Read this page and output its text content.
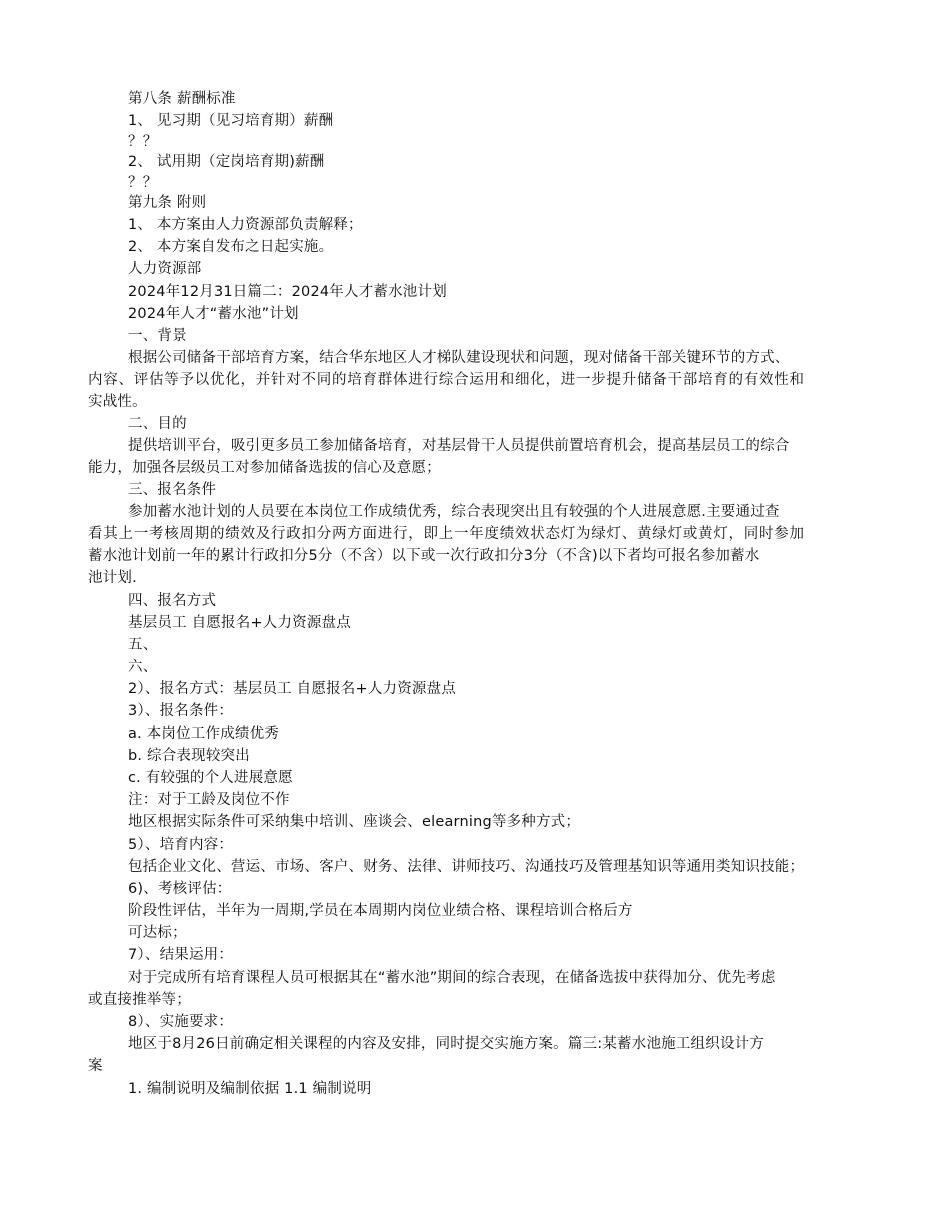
第八条 薪酬标准
1、 见习期（见习培育期）薪酬
？？
2、 试用期（定岗培育期)薪酬
？？
第九条 附则
1、 本方案由人力资源部负责解释；
2、 本方案自发布之日起实施。
人力资源部
2024年12月31日篇二：2024年人才蓄水池计划
2024年人才“蓄水池”计划
一、背景
根据公司储备干部培育方案，结合华东地区人才梯队建设现状和问题，现对储备干部关键环节的方式、
内容、评估等予以优化，并针对不同的培育群体进行综合运用和细化，进一步提升储备干部培育的有效性和
实战性。
二、目的
提供培训平台，吸引更多员工参加储备培育，对基层骨干人员提供前置培育机会，提高基层员工的综合
能力，加强各层级员工对参加储备选拔的信心及意愿；
三、报名条件
参加蓄水池计划的人员要在本岗位工作成绩优秀，综合表现突出且有较强的个人进展意愿.主要通过查
看其上一考核周期的绩效及行政扣分两方面进行，即上一年度绩效状态灯为绿灯、黄绿灯或黄灯，同时参加
蓄水池计划前一年的累计行政扣分5分（不含）以下或一次行政扣分3分（不含)以下者均可报名参加蓄水
池计划.
四、报名方式
基层员工 自愿报名+人力资源盘点
五、
六、
2）、报名方式：基层员工 自愿报名+人力资源盘点
3）、报名条件：
a. 本岗位工作成绩优秀
b. 综合表现较突出
c. 有较强的个人进展意愿
注：对于工龄及岗位不作
地区根据实际条件可采纳集中培训、座谈会、elearning等多种方式；
5）、培育内容：
包括企业文化、营运、市场、客户、财务、法律、讲师技巧、沟通技巧及管理基知识等通用类知识技能；
6)、考核评估：
阶段性评估，半年为一周期,学员在本周期内岗位业绩合格、课程培训合格后方
可达标；
7）、结果运用：
对于完成所有培育课程人员可根据其在“蓄水池”期间的综合表现，在储备选拔中获得加分、优先考虑
或直接推举等；
8）、实施要求：
地区于8月26日前确定相关课程的内容及安排，同时提交实施方案。篇三:某蓄水池施工组织设计方
案
1. 编制说明及编制依据 1.1 编制说明
